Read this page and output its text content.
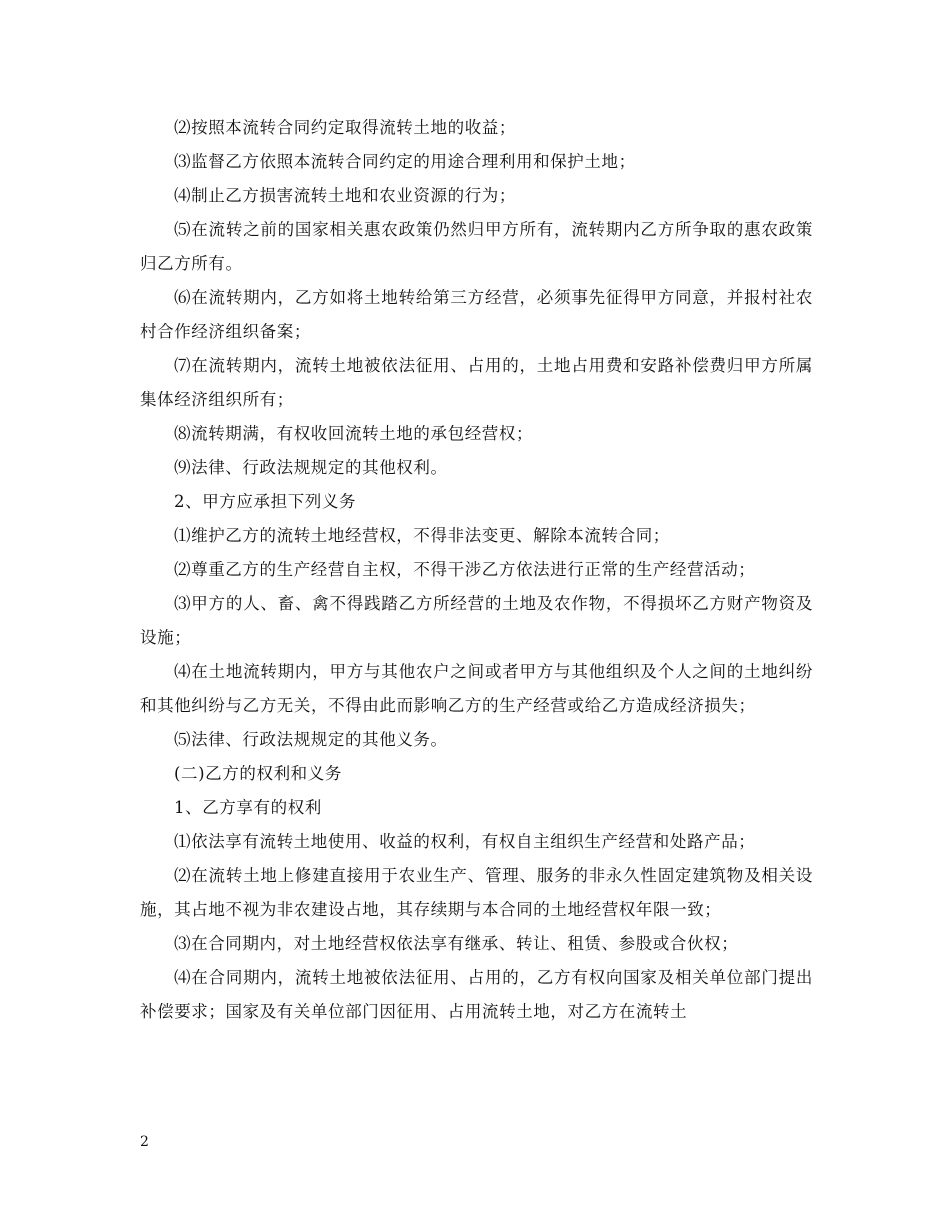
⑵按照本流转合同约定取得流转土地的收益；

⑶监督乙方依照本流转合同约定的用途合理利用和保护土地；

⑷制止乙方损害流转土地和农业资源的行为；

⑸在流转之前的国家相关惠农政策仍然归甲方所有，流转期内乙方所争取的惠农政策归乙方所有。

⑹在流转期内，乙方如将土地转给第三方经营，必须事先征得甲方同意，并报村社农村合作经济组织备案；

⑺在流转期内，流转土地被依法征用、占用的，土地占用费和安路补偿费归甲方所属集体经济组织所有；

⑻流转期满，有权收回流转土地的承包经营权；

⑼法律、行政法规规定的其他权利。

2、甲方应承担下列义务

⑴维护乙方的流转土地经营权，不得非法变更、解除本流转合同；

⑵尊重乙方的生产经营自主权，不得干涉乙方依法进行正常的生产经营活动；

⑶甲方的人、畜、禽不得践踏乙方所经营的土地及农作物，不得损坏乙方财产物资及设施；

⑷在土地流转期内，甲方与其他农户之间或者甲方与其他组织及个人之间的土地纠纷和其他纠纷与乙方无关，不得由此而影响乙方的生产经营或给乙方造成经济损失；

⑸法律、行政法规规定的其他义务。

(二)乙方的权利和义务

1、乙方享有的权利

⑴依法享有流转土地使用、收益的权利，有权自主组织生产经营和处路产品；

⑵在流转土地上修建直接用于农业生产、管理、服务的非永久性固定建筑物及相关设施，其占地不视为非农建设占地，其存续期与本合同的土地经营权年限一致；

⑶在合同期内，对土地经营权依法享有继承、转让、租赁、参股或合伙权；

⑷在合同期内，流转土地被依法征用、占用的，乙方有权向国家及相关单位部门提出补偿要求；国家及有关单位部门因征用、占用流转土地，对乙方在流转土

2
